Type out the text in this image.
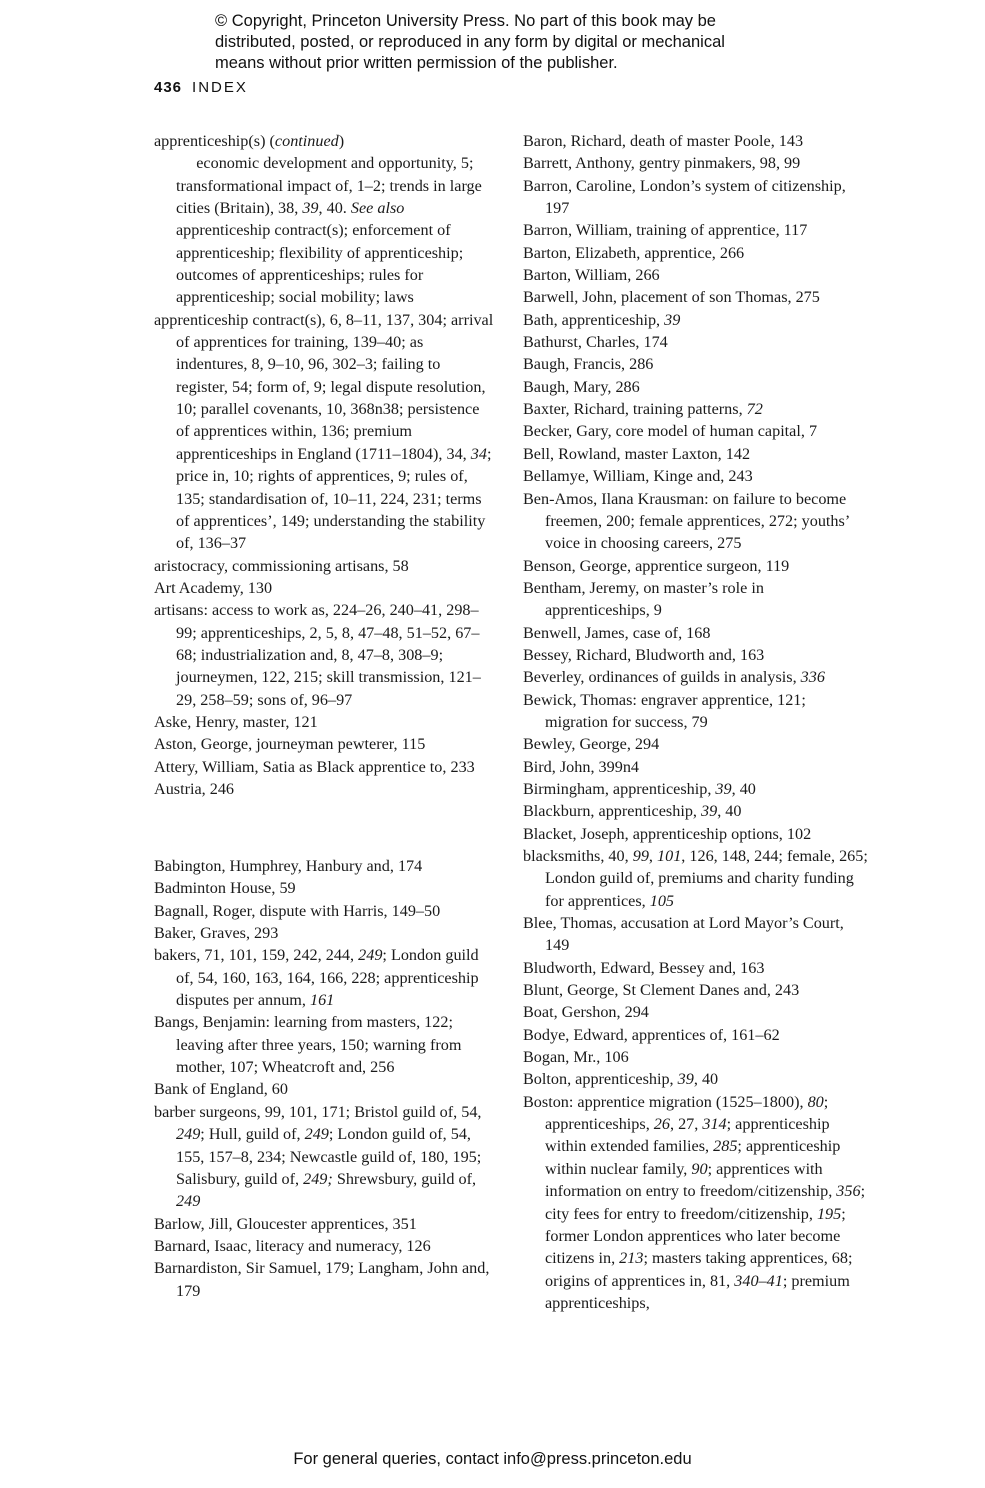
© Copyright, Princeton University Press. No part of this book may be

distributed, posted, or reproduced in any form by digital or mechanical

means without prior written permission of the publisher.

436 INDEX

apprenticeship(s) (continued)
economic development and opportunity, 5; transformational impact of, 1–2; trends in large cities (Britain), 38, 39, 40. See also apprenticeship contract(s); enforcement of apprenticeship; flexibility of apprenticeship; outcomes of apprenticeships; rules for apprenticeship; social mobility; laws

apprenticeship contract(s), 6, 8–11, 137, 304; arrival of apprentices for training, 139–40; as indentures, 8, 9–10, 96, 302–3; failing to register, 54; form of, 9; legal dispute resolution, 10; parallel covenants, 10, 368n38; persistence of apprentices within, 136; premium apprenticeships in England (1711–1804), 34, 34; price in, 10; rights of apprentices, 9; rules of, 135; standardisation of, 10–11, 224, 231; terms of apprentices’, 149; understanding the stability of, 136–37

aristocracy, commissioning artisans, 58

Art Academy, 130

artisans: access to work as, 224–26, 240–41, 298–99; apprenticeships, 2, 5, 8, 47–48, 51–52, 67–68; industrialization and, 8, 47–8, 308–9; journeymen, 122, 215; skill transmission, 121–29, 258–59; sons of, 96–97

Aske, Henry, master, 121

Aston, George, journeyman pewterer, 115

Attery, William, Satia as Black apprentice to, 233

Austria, 246

Babington, Humphrey, Hanbury and, 174

Badminton House, 59

Bagnall, Roger, dispute with Harris, 149–50

Baker, Graves, 293

bakers, 71, 101, 159, 242, 244, 249; London guild of, 54, 160, 163, 164, 166, 228; apprenticeship disputes per annum, 161

Bangs, Benjamin: learning from masters, 122; leaving after three years, 150; warning from mother, 107; Wheatcroft and, 256

Bank of England, 60

barber surgeons, 99, 101, 171; Bristol guild of, 54, 249; Hull, guild of, 249; London guild of, 54, 155, 157–8, 234; Newcastle guild of, 180, 195; Salisbury, guild of, 249; Shrewsbury, guild of, 249

Barlow, Jill, Gloucester apprentices, 351

Barnard, Isaac, literacy and numeracy, 126

Barnardiston, Sir Samuel, 179; Langham, John and, 179

Baron, Richard, death of master Poole, 143

Barrett, Anthony, gentry pinmakers, 98, 99

Barron, Caroline, London’s system of citizenship, 197

Barron, William, training of apprentice, 117

Barton, Elizabeth, apprentice, 266

Barton, William, 266

Barwell, John, placement of son Thomas, 275

Bath, apprenticeship, 39

Bathurst, Charles, 174

Baugh, Francis, 286

Baugh, Mary, 286

Baxter, Richard, training patterns, 72

Becker, Gary, core model of human capital, 7

Bell, Rowland, master Laxton, 142

Bellamye, William, Kinge and, 243

Ben-Amos, Ilana Krausman: on failure to become freemen, 200; female apprentices, 272; youths’ voice in choosing careers, 275

Benson, George, apprentice surgeon, 119

Bentham, Jeremy, on master’s role in apprenticeships, 9

Benwell, James, case of, 168

Bessey, Richard, Bludworth and, 163

Beverley, ordinances of guilds in analysis, 336

Bewick, Thomas: engraver apprentice, 121; migration for success, 79

Bewley, George, 294

Bird, John, 399n4

Birmingham, apprenticeship, 39, 40

Blackburn, apprenticeship, 39, 40

Blacket, Joseph, apprenticeship options, 102

blacksmiths, 40, 99, 101, 126, 148, 244; female, 265; London guild of, premiums and charity funding for apprentices, 105

Blee, Thomas, accusation at Lord Mayor’s Court, 149

Bludworth, Edward, Bessey and, 163

Blunt, George, St Clement Danes and, 243

Boat, Gershon, 294

Bodye, Edward, apprentices of, 161–62

Bogan, Mr., 106

Bolton, apprenticeship, 39, 40

Boston: apprentice migration (1525–1800), 80; apprenticeships, 26, 27, 314; apprenticeship within extended families, 285; apprenticeship within nuclear family, 90; apprentices with information on entry to freedom/citizenship, 356; city fees for entry to freedom/citizenship, 195; former London apprentices who later become citizens in, 213; masters taking apprentices, 68; origins of apprentices in, 81, 340–41; premium apprenticeships,

For general queries, contact info@press.princeton.edu
